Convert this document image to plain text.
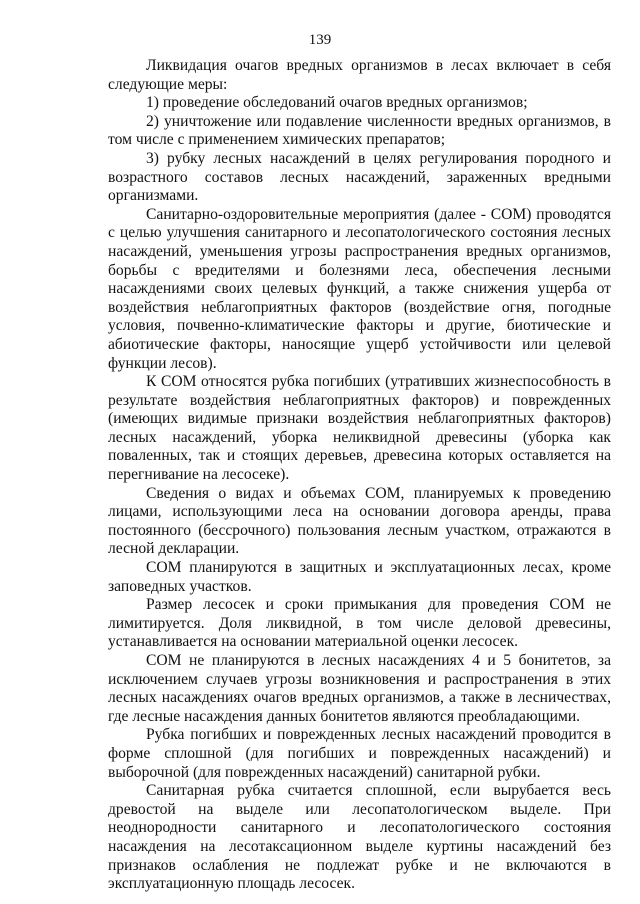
139

Ликвидация очагов вредных организмов в лесах включает в себя следующие меры:

1) проведение обследований очагов вредных организмов;

2) уничтожение или подавление численности вредных организмов, в том числе с применением химических препаратов;

3) рубку лесных насаждений в целях регулирования породного и возрастного составов лесных насаждений, зараженных вредными организмами.

Санитарно-оздоровительные мероприятия (далее - СОМ) проводятся с целью улучшения санитарного и лесопатологического состояния лесных насаждений, уменьшения угрозы распространения вредных организмов, борьбы с вредителями и болезнями леса, обеспечения лесными насаждениями своих целевых функций, а также снижения ущерба от воздействия неблагоприятных факторов (воздействие огня, погодные условия, почвенно-климатические факторы и другие, биотические и абиотические факторы, наносящие ущерб устойчивости или целевой функции лесов).

К СОМ относятся рубка погибших (утративших жизнеспособность в результате воздействия неблагоприятных факторов) и поврежденных (имеющих видимые признаки воздействия неблагоприятных факторов) лесных насаждений, уборка неликвидной древесины (уборка как поваленных, так и стоящих деревьев, древесина которых оставляется на перегнивание на лесосеке).

Сведения о видах и объемах СОМ, планируемых к проведению лицами, использующими леса на основании договора аренды, права постоянного (бессрочного) пользования лесным участком, отражаются в лесной декларации.

СОМ планируются в защитных и эксплуатационных лесах, кроме заповедных участков.

Размер лесосек и сроки примыкания для проведения СОМ не лимитируется. Доля ликвидной, в том числе деловой древесины, устанавливается на основании материальной оценки лесосек.

СОМ не планируются в лесных насаждениях 4 и 5 бонитетов, за исключением случаев угрозы возникновения и распространения в этих лесных насаждениях очагов вредных организмов, а также в лесничествах, где лесные насаждения данных бонитетов являются преобладающими.

Рубка погибших и поврежденных лесных насаждений проводится в форме сплошной (для погибших и поврежденных насаждений) и выборочной (для поврежденных насаждений) санитарной рубки.

Санитарная рубка считается сплошной, если вырубается весь древостой на выделе или лесопатологическом выделе. При неоднородности санитарного и лесопатологического состояния насаждения на лесотаксационном выделе куртины насаждений без признаков ослабления не подлежат рубке и не включаются в эксплуатационную площадь лесосек.
